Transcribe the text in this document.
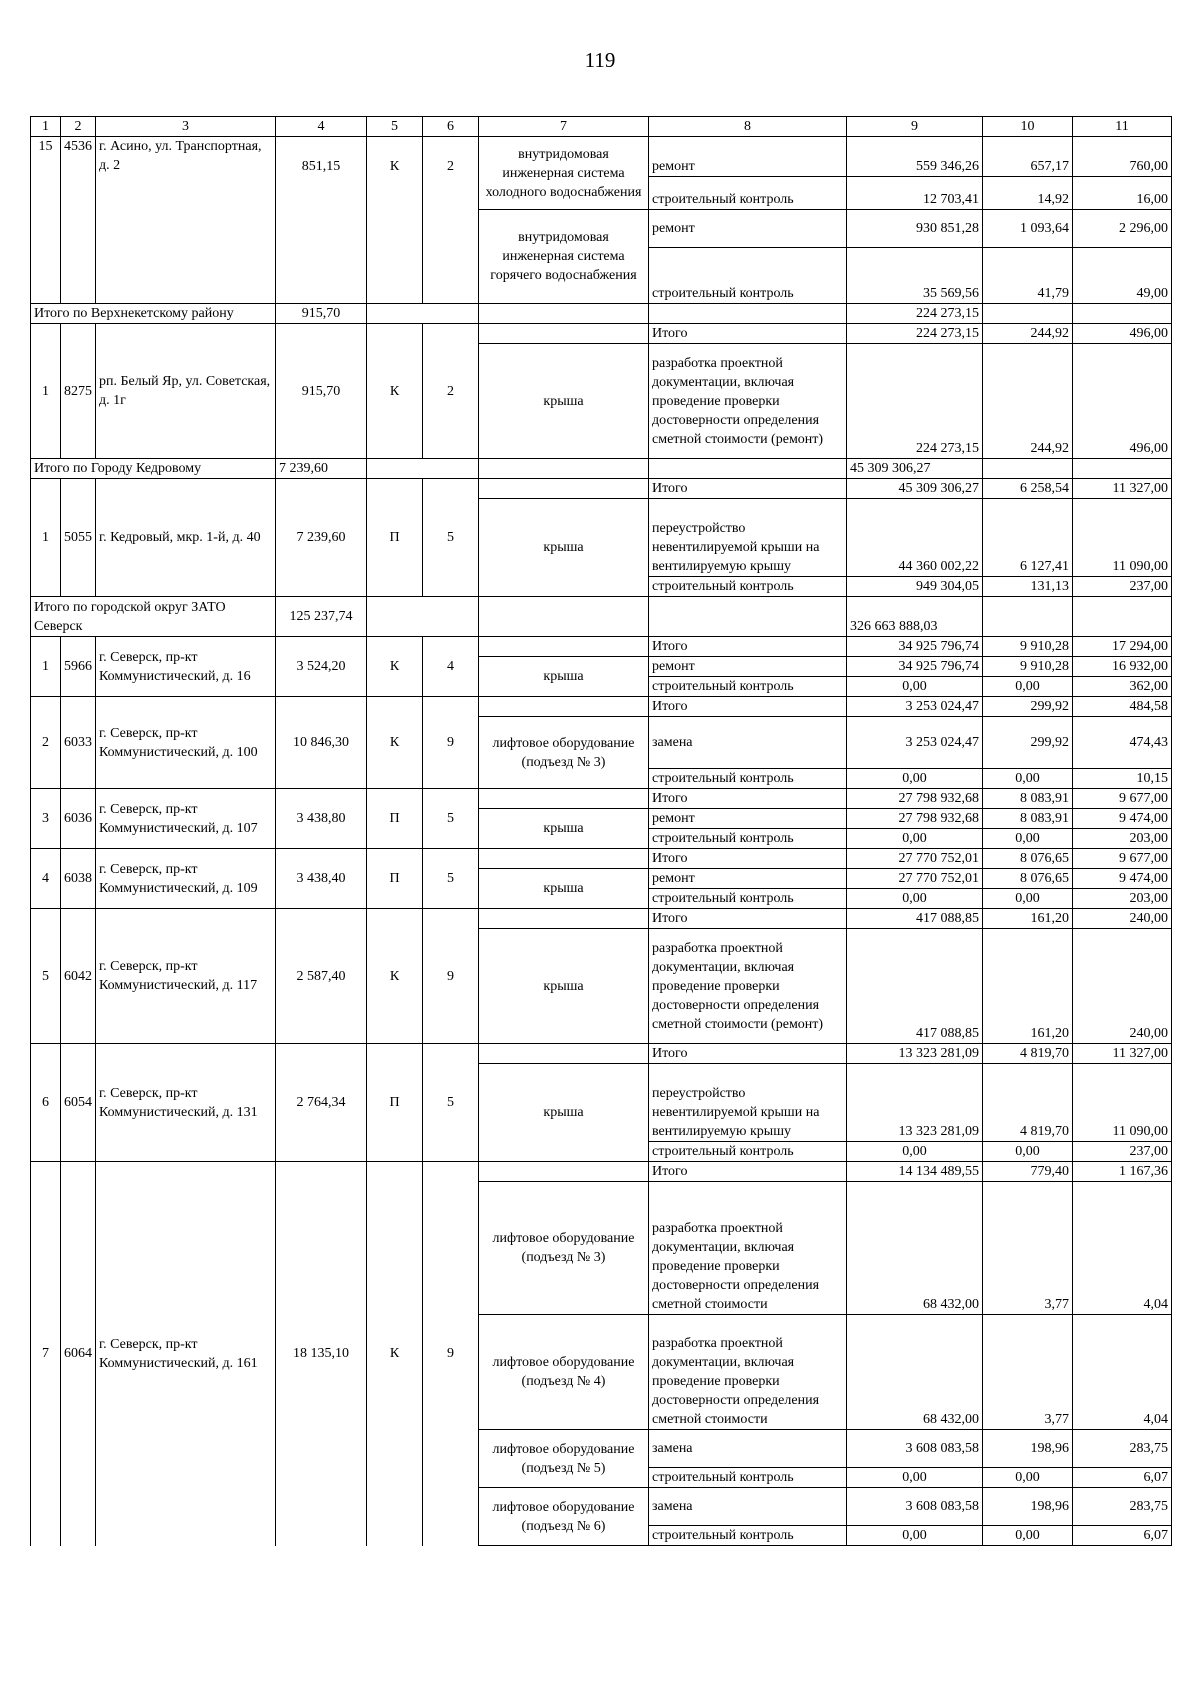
119
1	2	3	4	5	6	7	8	9	10	11
15	4536	г. Асино, ул. Транспортная, д. 2	851,15	К	2	внутридомовая инженерная система холодного водоснабжения	ремонт	559 346,26	657,17	760,00
							строительный контроль	12 703,41	14,92	16,00
						внутридомовая инженерная система горячего водоснабжения	ремонт	930 851,28	1 093,64	2 296,00
							строительный контроль	35 569,56	41,79	49,00
Итого по Верхнекетскому району			915,70					224 273,15		
1	8275	рп. Белый Яр, ул. Советская, д. 1г	915,70	К	2		Итого	224 273,15	244,92	496,00
						крыша	разработка проектной документации, включая проведение проверки достоверности определения сметной стоимости (ремонт)	224 273,15	244,92	496,00
Итого по Городу Кедровому			7 239,60					45 309 306,27		
1	5055	г. Кедровый, мкр. 1-й, д. 40	7 239,60	П	5		Итого	45 309 306,27	6 258,54	11 327,00
						крыша	переустройство невентилируемой крыши на вентилируемую крышу	44 360 002,22	6 127,41	11 090,00
							строительный контроль	949 304,05	131,13	237,00
Итого по городской округ ЗАТО Северск			125 237,74					326 663 888,03		
1	5966	г. Северск, пр-кт Коммунистический, д. 16	3 524,20	К	4		Итого	34 925 796,74	9 910,28	17 294,00
						крыша	ремонт	34 925 796,74	9 910,28	16 932,00
							строительный контроль	0,00	0,00	362,00
2	6033	г. Северск, пр-кт Коммунистический, д. 100	10 846,30	К	9		Итого	3 253 024,47	299,92	484,58
						лифтовое оборудование (подъезд № 3)	замена	3 253 024,47	299,92	474,43
							строительный контроль	0,00	0,00	10,15
3	6036	г. Северск, пр-кт Коммунистический, д. 107	3 438,80	П	5		Итого	27 798 932,68	8 083,91	9 677,00
						крыша	ремонт	27 798 932,68	8 083,91	9 474,00
							строительный контроль	0,00	0,00	203,00
4	6038	г. Северск, пр-кт Коммунистический, д. 109	3 438,40	П	5		Итого	27 770 752,01	8 076,65	9 677,00
						крыша	ремонт	27 770 752,01	8 076,65	9 474,00
							строительный контроль	0,00	0,00	203,00
5	6042	г. Северск, пр-кт Коммунистический, д. 117	2 587,40	К	9		Итого	417 088,85	161,20	240,00
						крыша	разработка проектной документации, включая проведение проверки достоверности определения сметной стоимости (ремонт)	417 088,85	161,20	240,00
6	6054	г. Северск, пр-кт Коммунистический, д. 131	2 764,34	П	5		Итого	13 323 281,09	4 819,70	11 327,00
						крыша	переустройство невентилируемой крыши на вентилируемую крышу	13 323 281,09	4 819,70	11 090,00
							строительный контроль	0,00	0,00	237,00
7	6064	г. Северск, пр-кт Коммунистический, д. 161	18 135,10	К	9		Итого	14 134 489,55	779,40	1 167,36
						лифтовое оборудование (подъезд № 3)	разработка проектной документации, включая проведение проверки достоверности определения сметной стоимости	68 432,00	3,77	4,04
						лифтовое оборудование (подъезд № 4)	разработка проектной документации, включая проведение проверки достоверности определения сметной стоимости	68 432,00	3,77	4,04
						лифтовое оборудование (подъезд № 5)	замена	3 608 083,58	198,96	283,75
							строительный контроль	0,00	0,00	6,07
						лифтовое оборудование (подъезд № 6)	замена	3 608 083,58	198,96	283,75
							строительный контроль	0,00	0,00	6,07
